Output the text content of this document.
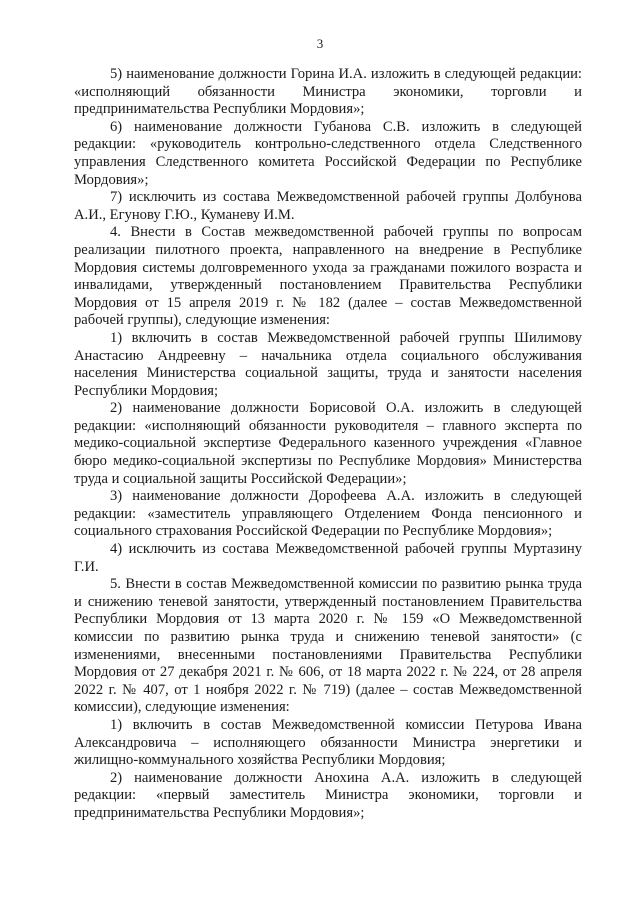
3

5) наименование должности Горина И.А. изложить в следующей редакции: «исполняющий обязанности Министра экономики, торговли и предпринимательства Республики Мордовия»;

6) наименование должности Губанова С.В. изложить в следующей редакции: «руководитель контрольно-следственного отдела Следственного управления Следственного комитета Российской Федерации по Республике Мордовия»;

7) исключить из состава Межведомственной рабочей группы Долбунова А.И., Егунову Г.Ю., Куманеву И.М.

4. Внести в Состав межведомственной рабочей группы по вопросам реализации пилотного проекта, направленного на внедрение в Республике Мордовия системы долговременного ухода за гражданами пожилого возраста и инвалидами, утвержденный постановлением Правительства Республики Мордовия от 15 апреля 2019 г. № 182 (далее – состав Межведомственной рабочей группы), следующие изменения:

1) включить в состав Межведомственной рабочей группы Шилимову Анастасию Андреевну – начальника отдела социального обслуживания населения Министерства социальной защиты, труда и занятости населения Республики Мордовия;

2) наименование должности Борисовой О.А. изложить в следующей редакции: «исполняющий обязанности руководителя – главного эксперта по медико-социальной экспертизе Федерального казенного учреждения «Главное бюро медико-социальной экспертизы по Республике Мордовия» Министерства труда и социальной защиты Российской Федерации»;

3) наименование должности Дорофеева А.А. изложить в следующей редакции: «заместитель управляющего Отделением Фонда пенсионного и социального страхования Российской Федерации по Республике Мордовия»;

4) исключить из состава Межведомственной рабочей группы Муртазину Г.И.

5. Внести в состав Межведомственной комиссии по развитию рынка труда и снижению теневой занятости, утвержденный постановлением Правительства Республики Мордовия от 13 марта 2020 г. № 159 «О Межведомственной комиссии по развитию рынка труда и снижению теневой занятости» (с изменениями, внесенными постановлениями Правительства Республики Мордовия от 27 декабря 2021 г. № 606, от 18 марта 2022 г. № 224, от 28 апреля 2022 г. № 407, от 1 ноября 2022 г. № 719) (далее – состав Межведомственной комиссии), следующие изменения:

1) включить в состав Межведомственной комиссии Петурова Ивана Александровича – исполняющего обязанности Министра энергетики и жилищно-коммунального хозяйства Республики Мордовия;

2) наименование должности Анохина А.А. изложить в следующей редакции: «первый заместитель Министра экономики, торговли и предпринимательства Республики Мордовия»;
